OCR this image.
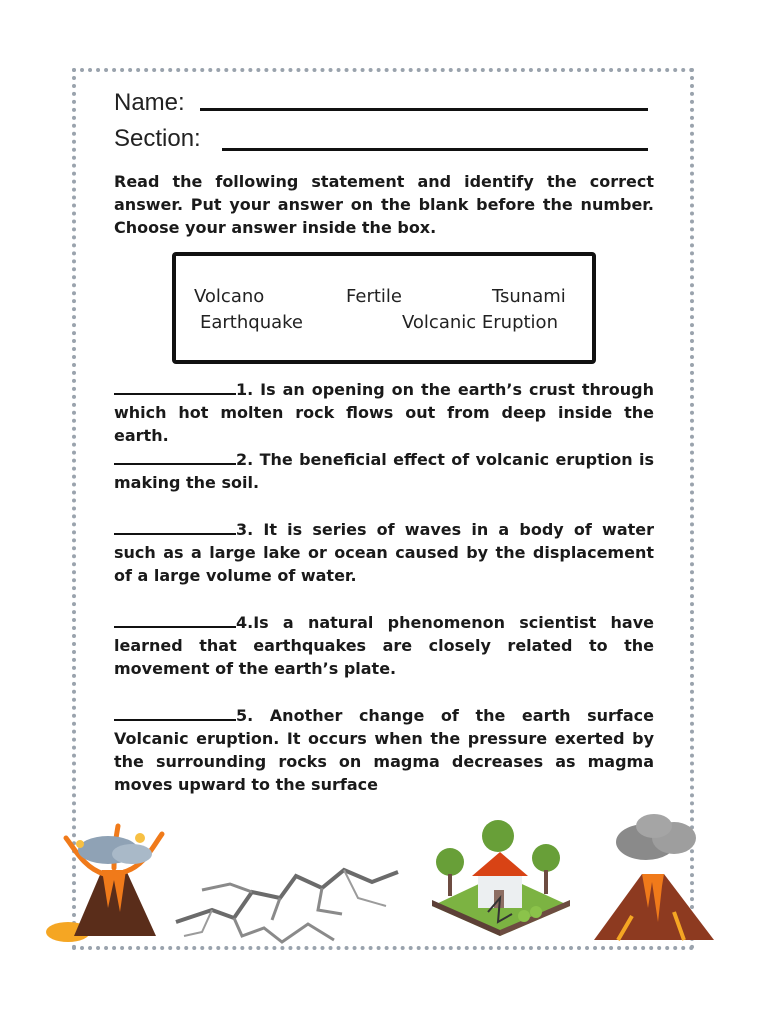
Name:
Section:
Read the following statement and identify the correct answer. Put your answer on the blank before the number. Choose your answer inside the box.
Volcano	Fertile	Tsunami
Earthquake	Volcanic Eruption
1. Is an opening on the earth’s crust through which hot molten rock flows out from deep inside the earth.
2. The beneficial effect of volcanic eruption is making the soil.
3. It is series of waves in a body of water such as a large lake or ocean caused by the displacement of a large volume of water.
4.Is a natural phenomenon scientist have learned that earthquakes are closely related to the movement of the earth’s plate.
5. Another change of the earth surface Volcanic eruption. It occurs when the pressure exerted by the surrounding rocks on magma decreases as magma moves upward to the surface
